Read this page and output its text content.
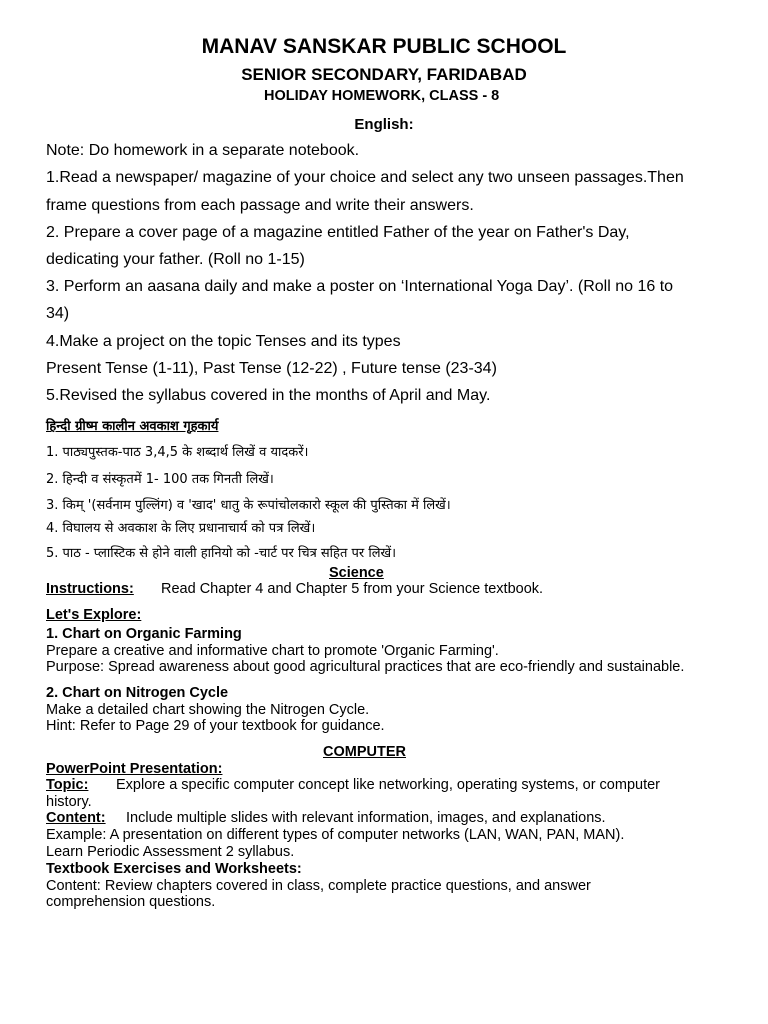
MANAV SANSKAR PUBLIC SCHOOL
SENIOR SECONDARY, FARIDABAD
HOLIDAY HOMEWORK, CLASS - 8
English:
Note: Do homework in a separate notebook.
1.Read a newspaper/ magazine of your choice and select any two unseen passages.Then
frame questions from each passage and write their answers.
2. Prepare a cover page of a magazine entitled Father of the year on Father's Day,
dedicating your father. (Roll no 1-15)
3. Perform an aasana daily and make a poster on ‘International Yoga Day’. (Roll no 16 to
34)
4.Make a project on the topic Tenses and its types
Present Tense (1-11), Past Tense (12-22) , Future tense (23-34)
5.Revised the syllabus covered in the months of April and May.
हिन्दी ग्रीष्म कालीन अवकाश गृहकार्य
1. पाठ्यपुस्तक-पाठ 3,4,5 के शब्दार्थ लिखें व यादकरें।
2. हिन्दी व संस्कृतमें 1- 100 तक गिनती लिखें।
3. किम् '(सर्वनाम पुल्लिंग) व 'खाद' धातु के रूपांचोलकारो स्कूल की पुस्तिका में लिखें।
4. विघालय से अवकाश के लिए प्रधानाचार्य को पत्र लिखें।
5. पाठ - प्लास्टिक से होने वाली हानियो को -चार्ट पर चित्र सहित पर लिखें।
Science
Instructions: Read Chapter 4 and Chapter 5 from your Science textbook.
Let's Explore:
1. Chart on Organic Farming
Prepare a creative and informative chart to promote 'Organic Farming'.
Purpose: Spread awareness about good agricultural practices that are eco-friendly and sustainable.
2. Chart on Nitrogen Cycle
Make a detailed chart showing the Nitrogen Cycle.
Hint: Refer to Page 29 of your textbook for guidance.
COMPUTER
PowerPoint Presentation:
Topic: Explore a specific computer concept like networking, operating systems, or computer
history.
Content: Include multiple slides with relevant information, images, and explanations.
Example: A presentation on different types of computer networks (LAN, WAN, PAN, MAN).
Learn Periodic Assessment 2 syllabus.
Textbook Exercises and Worksheets:
Content: Review chapters covered in class, complete practice questions, and answer
comprehension questions.
